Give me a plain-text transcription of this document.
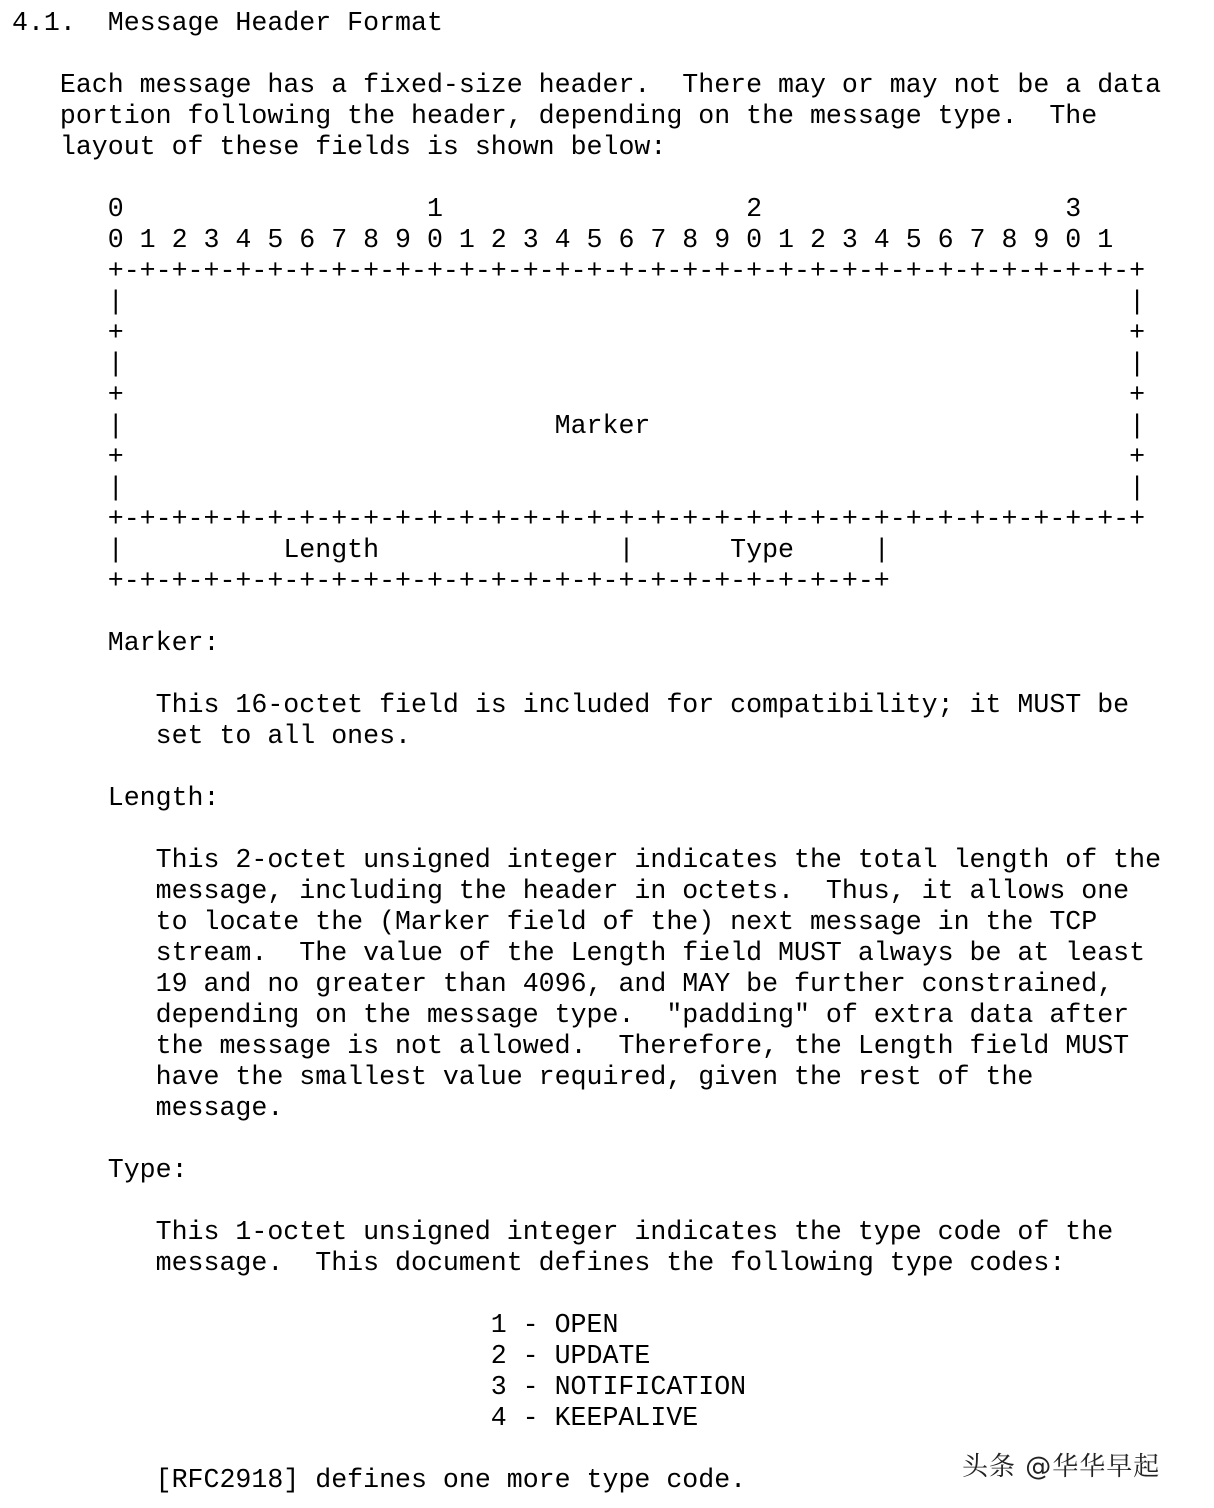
4.1. Message Header Format

Each message has a fixed-size header.  There may or may not be a data
portion following the header, depending on the message type.  The
layout of these fields is shown below:

0                   1                   2                   3
0 1 2 3 4 5 6 7 8 9 0 1 2 3 4 5 6 7 8 9 0 1 2 3 4 5 6 7 8 9 0 1
+-+-+-+-+-+-+-+-+-+-+-+-+-+-+-+-+-+-+-+-+-+-+-+-+-+-+-+-+-+-+-+-+
|                                                               |
+                                                               +
|                                                               |
+                                                               +
|                           Marker                              |
+                                                               +
|                                                               |
+-+-+-+-+-+-+-+-+-+-+-+-+-+-+-+-+-+-+-+-+-+-+-+-+-+-+-+-+-+-+-+-+
|          Length               |      Type     |
+-+-+-+-+-+-+-+-+-+-+-+-+-+-+-+-+-+-+-+-+-+-+-+-+

Marker:

This 16-octet field is included for compatibility; it MUST be
set to all ones.

Length:

This 2-octet unsigned integer indicates the total length of the
message, including the header in octets.  Thus, it allows one
to locate the (Marker field of the) next message in the TCP
stream.  The value of the Length field MUST always be at least
19 and no greater than 4096, and MAY be further constrained,
depending on the message type.  "padding" of extra data after
the message is not allowed.  Therefore, the Length field MUST
have the smallest value required, given the rest of the
message.

Type:

This 1-octet unsigned integer indicates the type code of the
message.  This document defines the following type codes:

1 - OPEN
2 - UPDATE
3 - NOTIFICATION
4 - KEEPALIVE

[RFC2918] defines one more type code.	头条 @华华早起
